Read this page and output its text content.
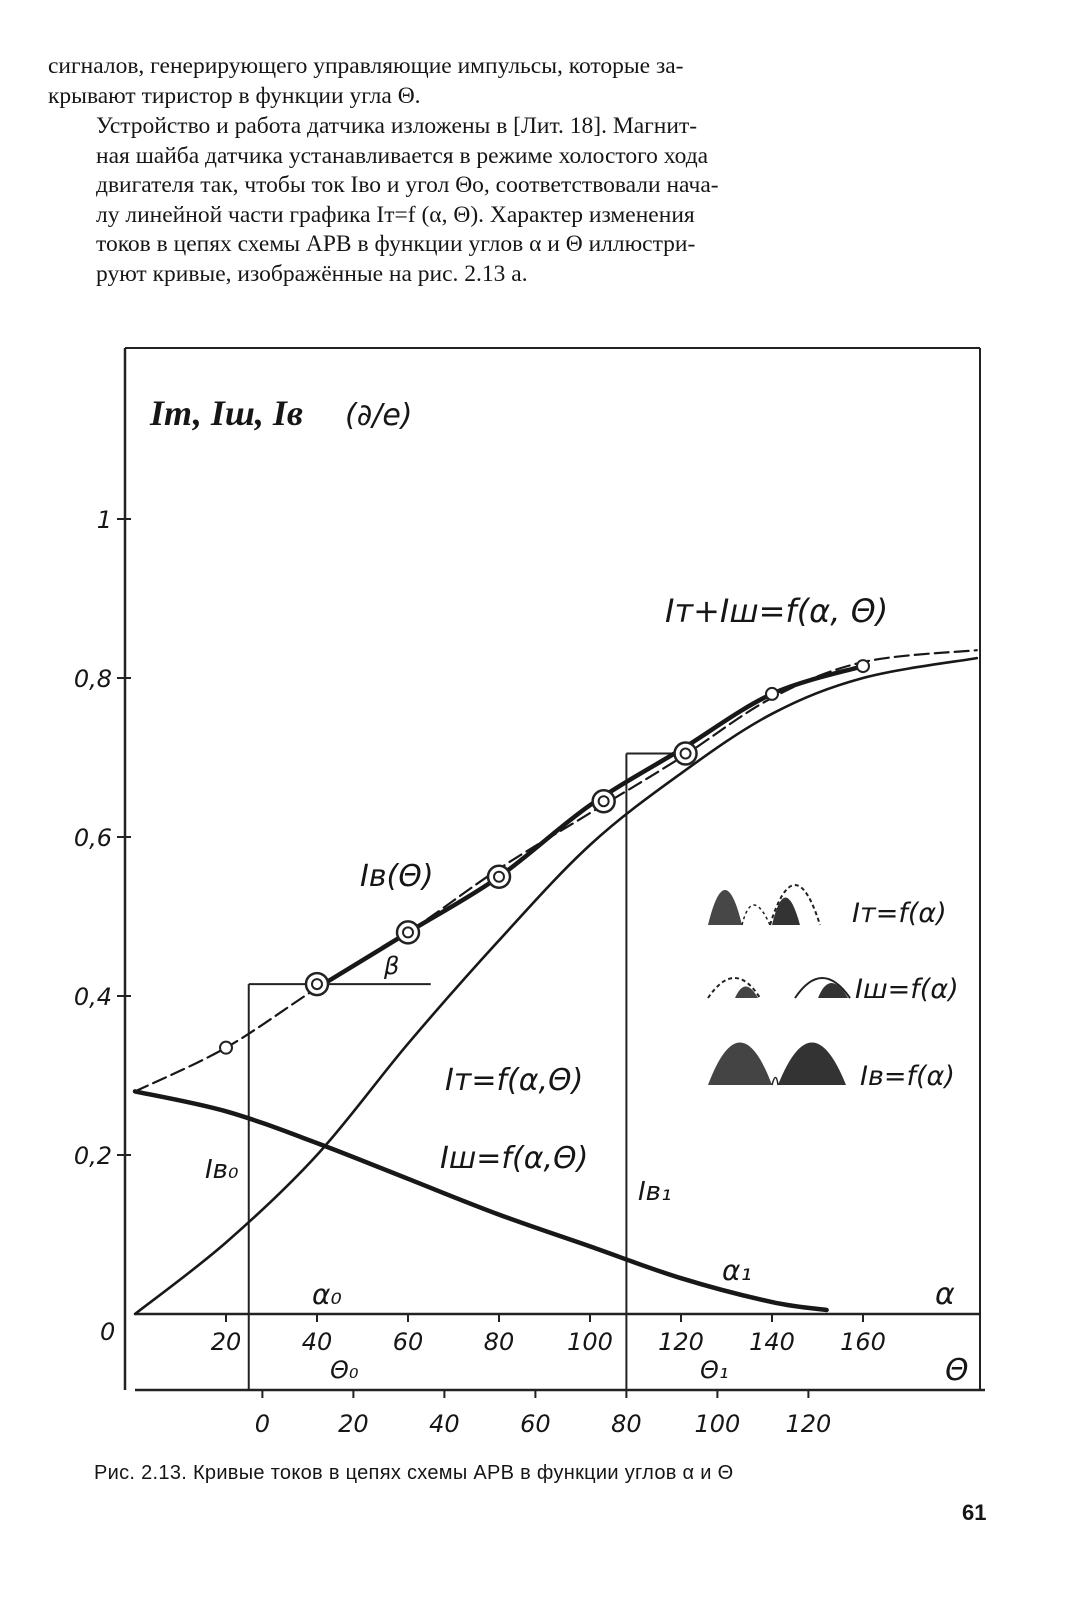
сигналов, генерирующего управляющие импульсы, которые за-
крывают тиристор в функции угла Θ.

Устройство и работа датчика изложены в [Лит. 18]. Магнит-
ная шайба датчика устанавливается в режиме холостого хода
двигателя так, чтобы ток Iво и угол Θо, соответствовали нача-
лу линейной части графика Iт=f (α, Θ). Характер изменения
токов в цепях схемы АРВ в функции углов α и Θ иллюстри-
руют кривые, изображённые на рис. 2.13 а.

0,2
0,4
0,6
0,8
1
20	40	60	80 100 120 140 160
0	20	40	60	80 100 120
Iт, Iш, Iв (∂/e)
Iт+Iш=f(α, Θ)
Iв(Θ)
Iт=f(α,Θ)
Iш=f(α,Θ)
Iт=f(α)
Iш=f(α)
Iв=f(α)
β
Iв₀
Iв₁
α₀
α₁
α
Θ
Θ₀	Θ₁
0
Рис. 2.13. Кривые токов в цепях схемы АРВ в функции углов α и Θ
61
